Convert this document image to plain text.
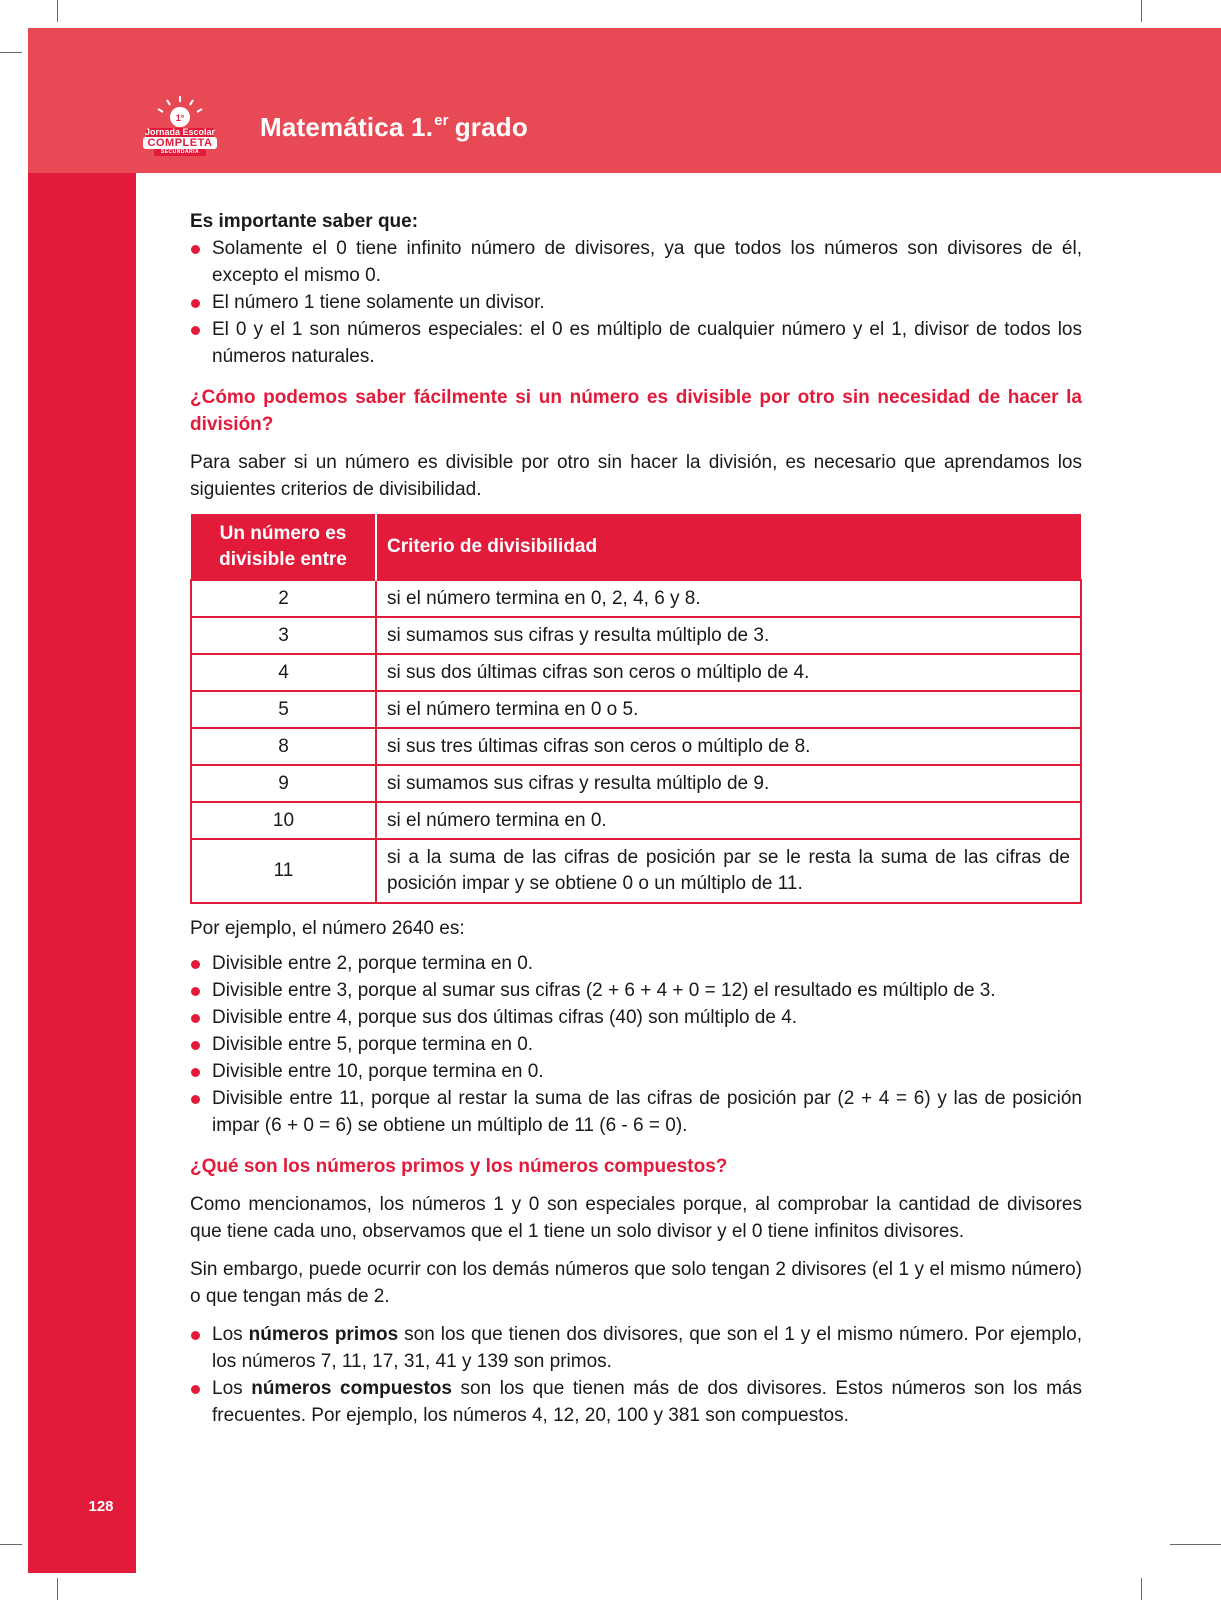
1°
Jornada Escolar
COMPLETA
SECUNDARIA
Matemática 1.$^{er}$ grado
128

Es importante saber que:

Solamente el 0 tiene infinito número de divisores, ya que todos los números son divisores de él, excepto el mismo 0.
El número 1 tiene solamente un divisor.
El 0 y el 1 son números especiales: el 0 es múltiplo de cualquier número y el 1, divisor de todos los números naturales.

¿Cómo podemos saber fácilmente si un número es divisible por otro sin necesidad de hacer la división?

Para saber si un número es divisible por otro sin hacer la división, es necesario que aprendamos los siguientes criterios de divisibilidad.

Un número es divisible entre	Criterio de divisibilidad
2	si el número termina en 0, 2, 4, 6 y 8.
3	si sumamos sus cifras y resulta múltiplo de 3.
4	si sus dos últimas cifras son ceros o múltiplo de 4.
5	si el número termina en 0 o 5.
8	si sus tres últimas cifras son ceros o múltiplo de 8.
9	si sumamos sus cifras y resulta múltiplo de 9.
10	si el número termina en 0.
11	si a la suma de las cifras de posición par se le resta la suma de las cifras de posición impar y se obtiene 0 o un múltiplo de 11.

Por ejemplo, el número 2640 es:

Divisible entre 2, porque termina en 0.
Divisible entre 3, porque al sumar sus cifras (2 + 6 + 4 + 0 = 12) el resultado es múltiplo de 3.
Divisible entre 4, porque sus dos últimas cifras (40) son múltiplo de 4.
Divisible entre 5, porque termina en 0.
Divisible entre 10, porque termina en 0.
Divisible entre 11, porque al restar la suma de las cifras de posición par (2 + 4 = 6) y las de posición impar (6 + 0 = 6) se obtiene un múltiplo de 11 (6 - 6 = 0).

¿Qué son los números primos y los números compuestos?

Como mencionamos, los números 1 y 0 son especiales porque, al comprobar la cantidad de divisores que tiene cada uno, observamos que el 1 tiene un solo divisor y el 0 tiene infinitos divisores.

Sin embargo, puede ocurrir con los demás números que solo tengan 2 divisores (el 1 y el mismo número) o que tengan más de 2.

Los números primos son los que tienen dos divisores, que son el 1 y el mismo número. Por ejemplo, los números 7, 11, 17, 31, 41 y 139 son primos.
Los números compuestos son los que tienen más de dos divisores. Estos números son los más frecuentes. Por ejemplo, los números 4, 12, 20, 100 y 381 son compuestos.
